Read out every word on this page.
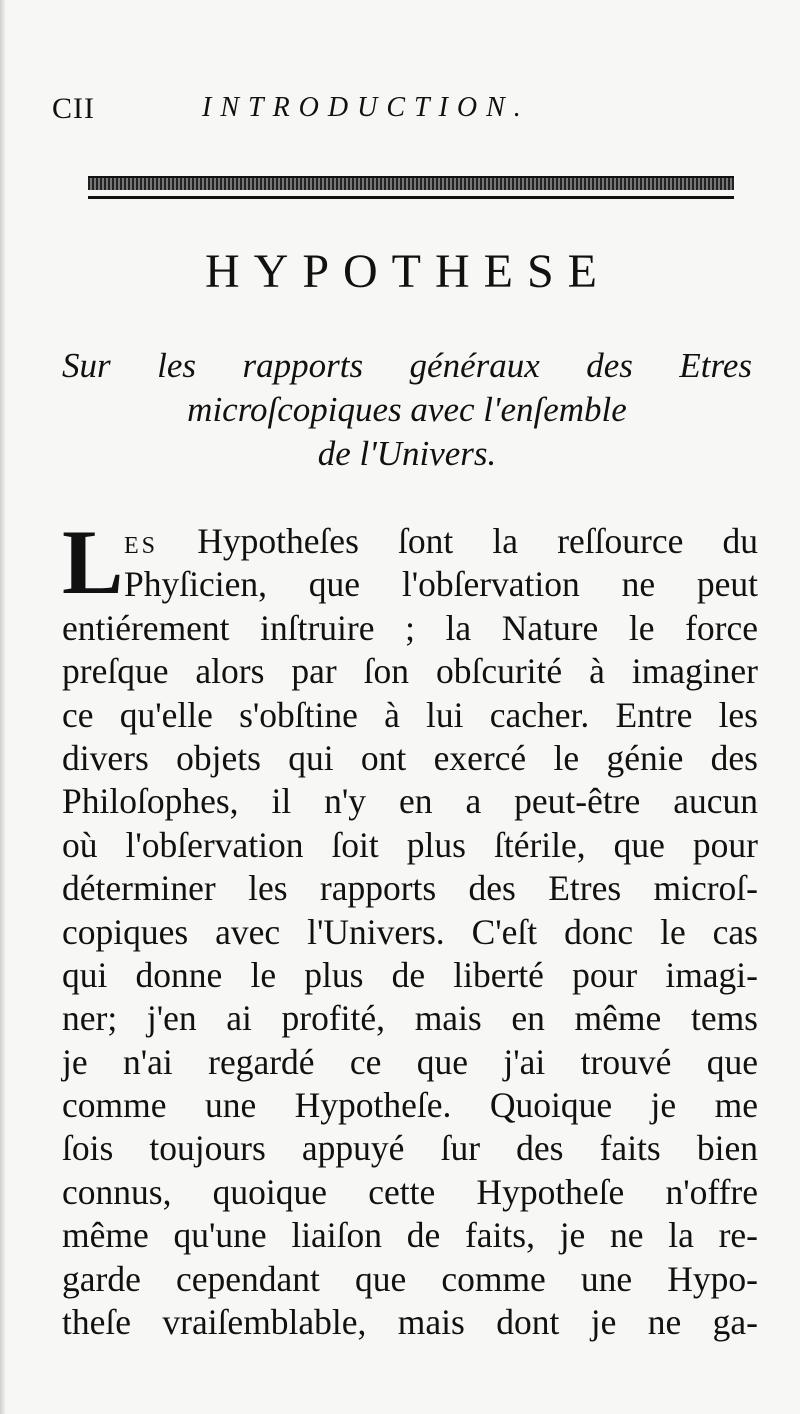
CII	INTRODUCTION.
HYPOTHESE
Sur les rapports généraux des Etres
microſcopiques avec l'enſemble
de l'Univers.
L ES Hypotheſes ſont la reſſource du
Phyſicien, que l'obſervation ne peut
entiérement inſtruire ; la Nature le force
preſque alors par ſon obſcurité à imaginer
ce qu'elle s'obſtine à lui cacher. Entre les
divers objets qui ont exercé le génie des
Philoſophes, il n'y en a peut-être aucun
où l'obſervation ſoit plus ſtérile, que pour
déterminer les rapports des Etres microſ-
copiques avec l'Univers. C'eſt donc le cas
qui donne le plus de liberté pour imagi-
ner; j'en ai profité, mais en même tems
je n'ai regardé ce que j'ai trouvé que
comme une Hypotheſe. Quoique je me
ſois toujours appuyé ſur des faits bien
connus, quoique cette Hypotheſe n'offre
même qu'une liaiſon de faits, je ne la re-
garde cependant que comme une Hypo-
theſe vraiſemblable, mais dont je ne ga-
